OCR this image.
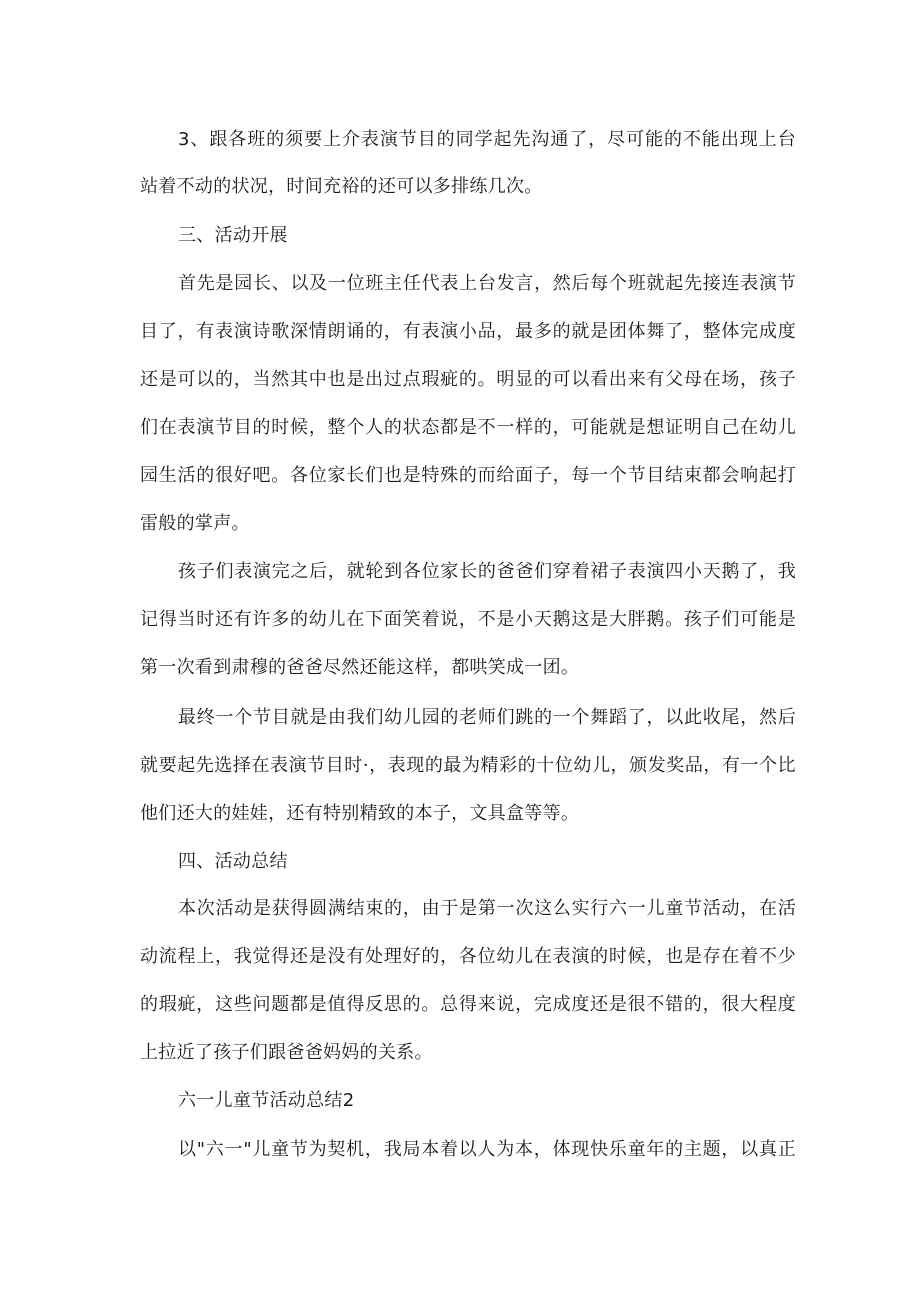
3、跟各班的须要上介表演节目的同学起先沟通了，尽可能的不能出现上台

站着不动的状况，时间充裕的还可以多排练几次。

三、活动开展

首先是园长、以及一位班主任代表上台发言，然后每个班就起先接连表演节

目了，有表演诗歌深情朗诵的，有表演小品，最多的就是团体舞了，整体完成度

还是可以的，当然其中也是出过点瑕疵的。明显的可以看出来有父母在场，孩子

们在表演节目的时候，整个人的状态都是不一样的，可能就是想证明自己在幼儿

园生活的很好吧。各位家长们也是特殊的而给面子，每一个节目结束都会响起打

雷般的掌声。

孩子们表演完之后，就轮到各位家长的爸爸们穿着裙子表演四小天鹅了，我

记得当时还有许多的幼儿在下面笑着说，不是小天鹅这是大胖鹅。孩子们可能是

第一次看到肃穆的爸爸尽然还能这样，都哄笑成一团。

最终一个节目就是由我们幼儿园的老师们跳的一个舞蹈了，以此收尾，然后

就要起先选择在表演节目时·，表现的最为精彩的十位幼儿，颁发奖品，有一个比

他们还大的娃娃，还有特别精致的本子，文具盒等等。

四、活动总结

本次活动是获得圆满结束的，由于是第一次这么实行六一儿童节活动，在活

动流程上，我觉得还是没有处理好的，各位幼儿在表演的时候，也是存在着不少

的瑕疵，这些问题都是值得反思的。总得来说，完成度还是很不错的，很大程度

上拉近了孩子们跟爸爸妈妈的关系。

六一儿童节活动总结2

以"六一"儿童节为契机，我局本着以人为本，体现快乐童年的主题，以真正
